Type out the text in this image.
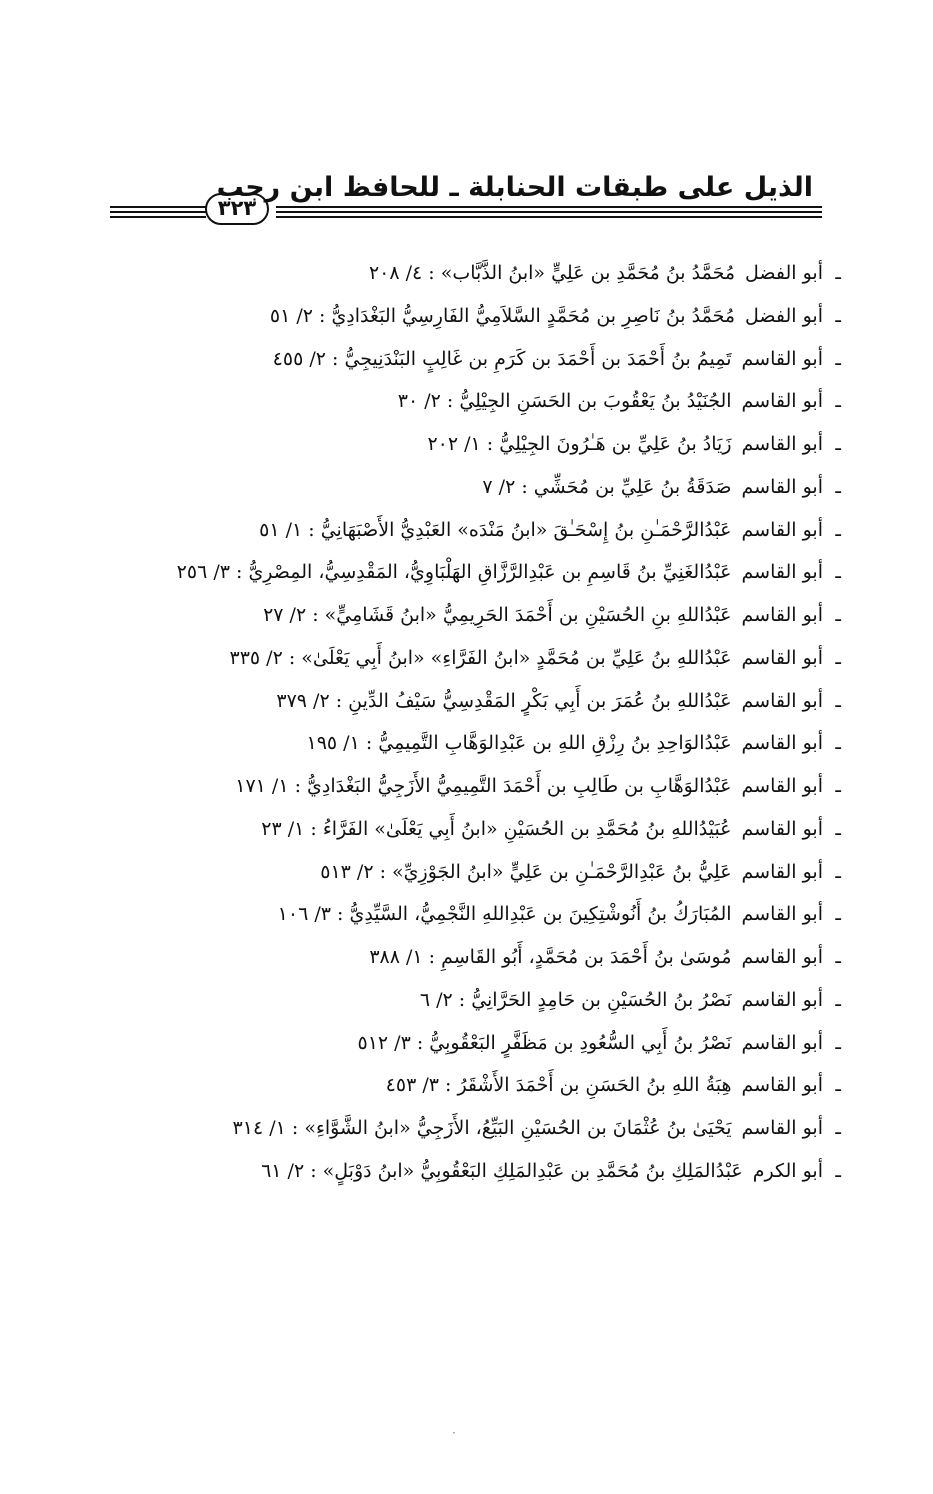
الذيل على طبقات الحنابلة ـ للحافظ ابن رجب
٣٢٣
ـأبو الفضلمُحَمَّدُ بنُ مُحَمَّدِ بن عَلِيٍّ «ابنُ الذَّبَّاب» : ٤/ ٢٠٨
ـأبو الفضلمُحَمَّدُ بنُ نَاصِرِ بن مُحَمَّدٍ السَّلاَمِيُّ الفَارِسِيُّ البَغْدَادِيُّ : ٢/ ٥١
ـأبو القاسمتَمِيمُ بنُ أَحْمَدَ بن أَحْمَدَ بن كَرَمِ بن غَالِبٍ البَنْدَنِيجِيُّ : ٢/ ٤٥٥
ـأبو القاسمالجُنَيْدُ بنُ يَعْقُوبَ بن الحَسَنِ الجِيْلِيُّ : ٢/ ٣٠
ـأبو القاسمزَيَادُ بنُ عَلِيِّ بن هَـٰرُونَ الجِيْلِيُّ : ١/ ٢٠٢
ـأبو القاسمصَدَقَةُ بنُ عَلِيِّ بن مُحَشِّي : ٢/ ٧
ـأبو القاسمعَبْدُالرَّحْمَـٰنِ بنُ إِسْحَـٰقَ «ابنُ مَنْدَه» العَبْدِيُّ الأَصْبَهَانِيُّ : ١/ ٥١
ـأبو القاسمعَبْدُالغَنِيِّ بنُ قَاسِمِ بن عَبْدِالرَّزَّاقِ الهَلْبَاوِيُّ، المَقْدِسِيُّ، المِصْرِيُّ : ٣/ ٢٥٦
ـأبو القاسمعَبْدُاللهِ بنِ الحُسَيْنِ بن أَحْمَدَ الحَرِيمِيُّ «ابنُ قَشَامِيٍّ» : ٢/ ٢٧
ـأبو القاسمعَبْدُاللهِ بنُ عَلِيِّ بن مُحَمَّدٍ «ابنُ الفَرَّاءِ» «ابنُ أَبِي يَعْلَىٰ» : ٢/ ٣٣٥
ـأبو القاسمعَبْدُاللهِ بنُ عُمَرَ بن أَبِي بَكْرٍ المَقْدِسِيُّ سَيْفُ الدِّينِ : ٢/ ٣٧٩
ـأبو القاسمعَبْدُالوَاحِدِ بنُ رِزْقِ اللهِ بن عَبْدِالوَهَّابِ التَّمِيمِيُّ : ١/ ١٩٥
ـأبو القاسمعَبْدُالوَهَّابِ بن طَالِبِ بن أَحْمَدَ التَّمِيمِيُّ الأَزَجِيُّ البَغْدَادِيُّ : ١/ ١٧١
ـأبو القاسمعُبَيْدُاللهِ بنُ مُحَمَّدِ بن الحُسَيْنِ «ابنُ أَبِي يَعْلَىٰ» الفَرَّاءُ : ١/ ٢٣
ـأبو القاسمعَلِيُّ بنُ عَبْدِالرَّحْمَـٰنِ بن عَلِيٍّ «ابنُ الجَوْزِيِّ» : ٢/ ٥١٣
ـأبو القاسمالمُبَارَكُ بنُ أَنُوشْتِكِينَ بن عَبْدِاللهِ النَّجْمِيُّ، السَّيِّدِيُّ : ٣/ ١٠٦
ـأبو القاسممُوسَىٰ بنُ أَحْمَدَ بن مُحَمَّدٍ، أَبُو القَاسِمِ : ١/ ٣٨٨
ـأبو القاسمنَصْرُ بنُ الحُسَيْنِ بن حَامِدٍ الحَرَّانِيُّ : ٢/ ٦
ـأبو القاسمنَصْرُ بنُ أَبِي السُّعُودِ بن مَظَفَّرٍ البَعْقُوبِيُّ : ٣/ ٥١٢
ـأبو القاسمهِبَةُ اللهِ بنُ الحَسَنِ بن أَحْمَدَ الأَشْقَرُ : ٣/ ٤٥٣
ـأبو القاسميَحْيَىٰ بنُ عُثْمَانَ بن الحُسَيْنِ البَيِّعُ، الأَزَجِيُّ «ابنُ الشَّوَّاءِ» : ١/ ٣١٤
ـأبو الكرمعَبْدُالمَلِكِ بنُ مُحَمَّدِ بن عَبْدِالمَلِكِ البَعْقُوبِيُّ «ابنُ دَوْبَلٍ» : ٢/ ٦١
·
